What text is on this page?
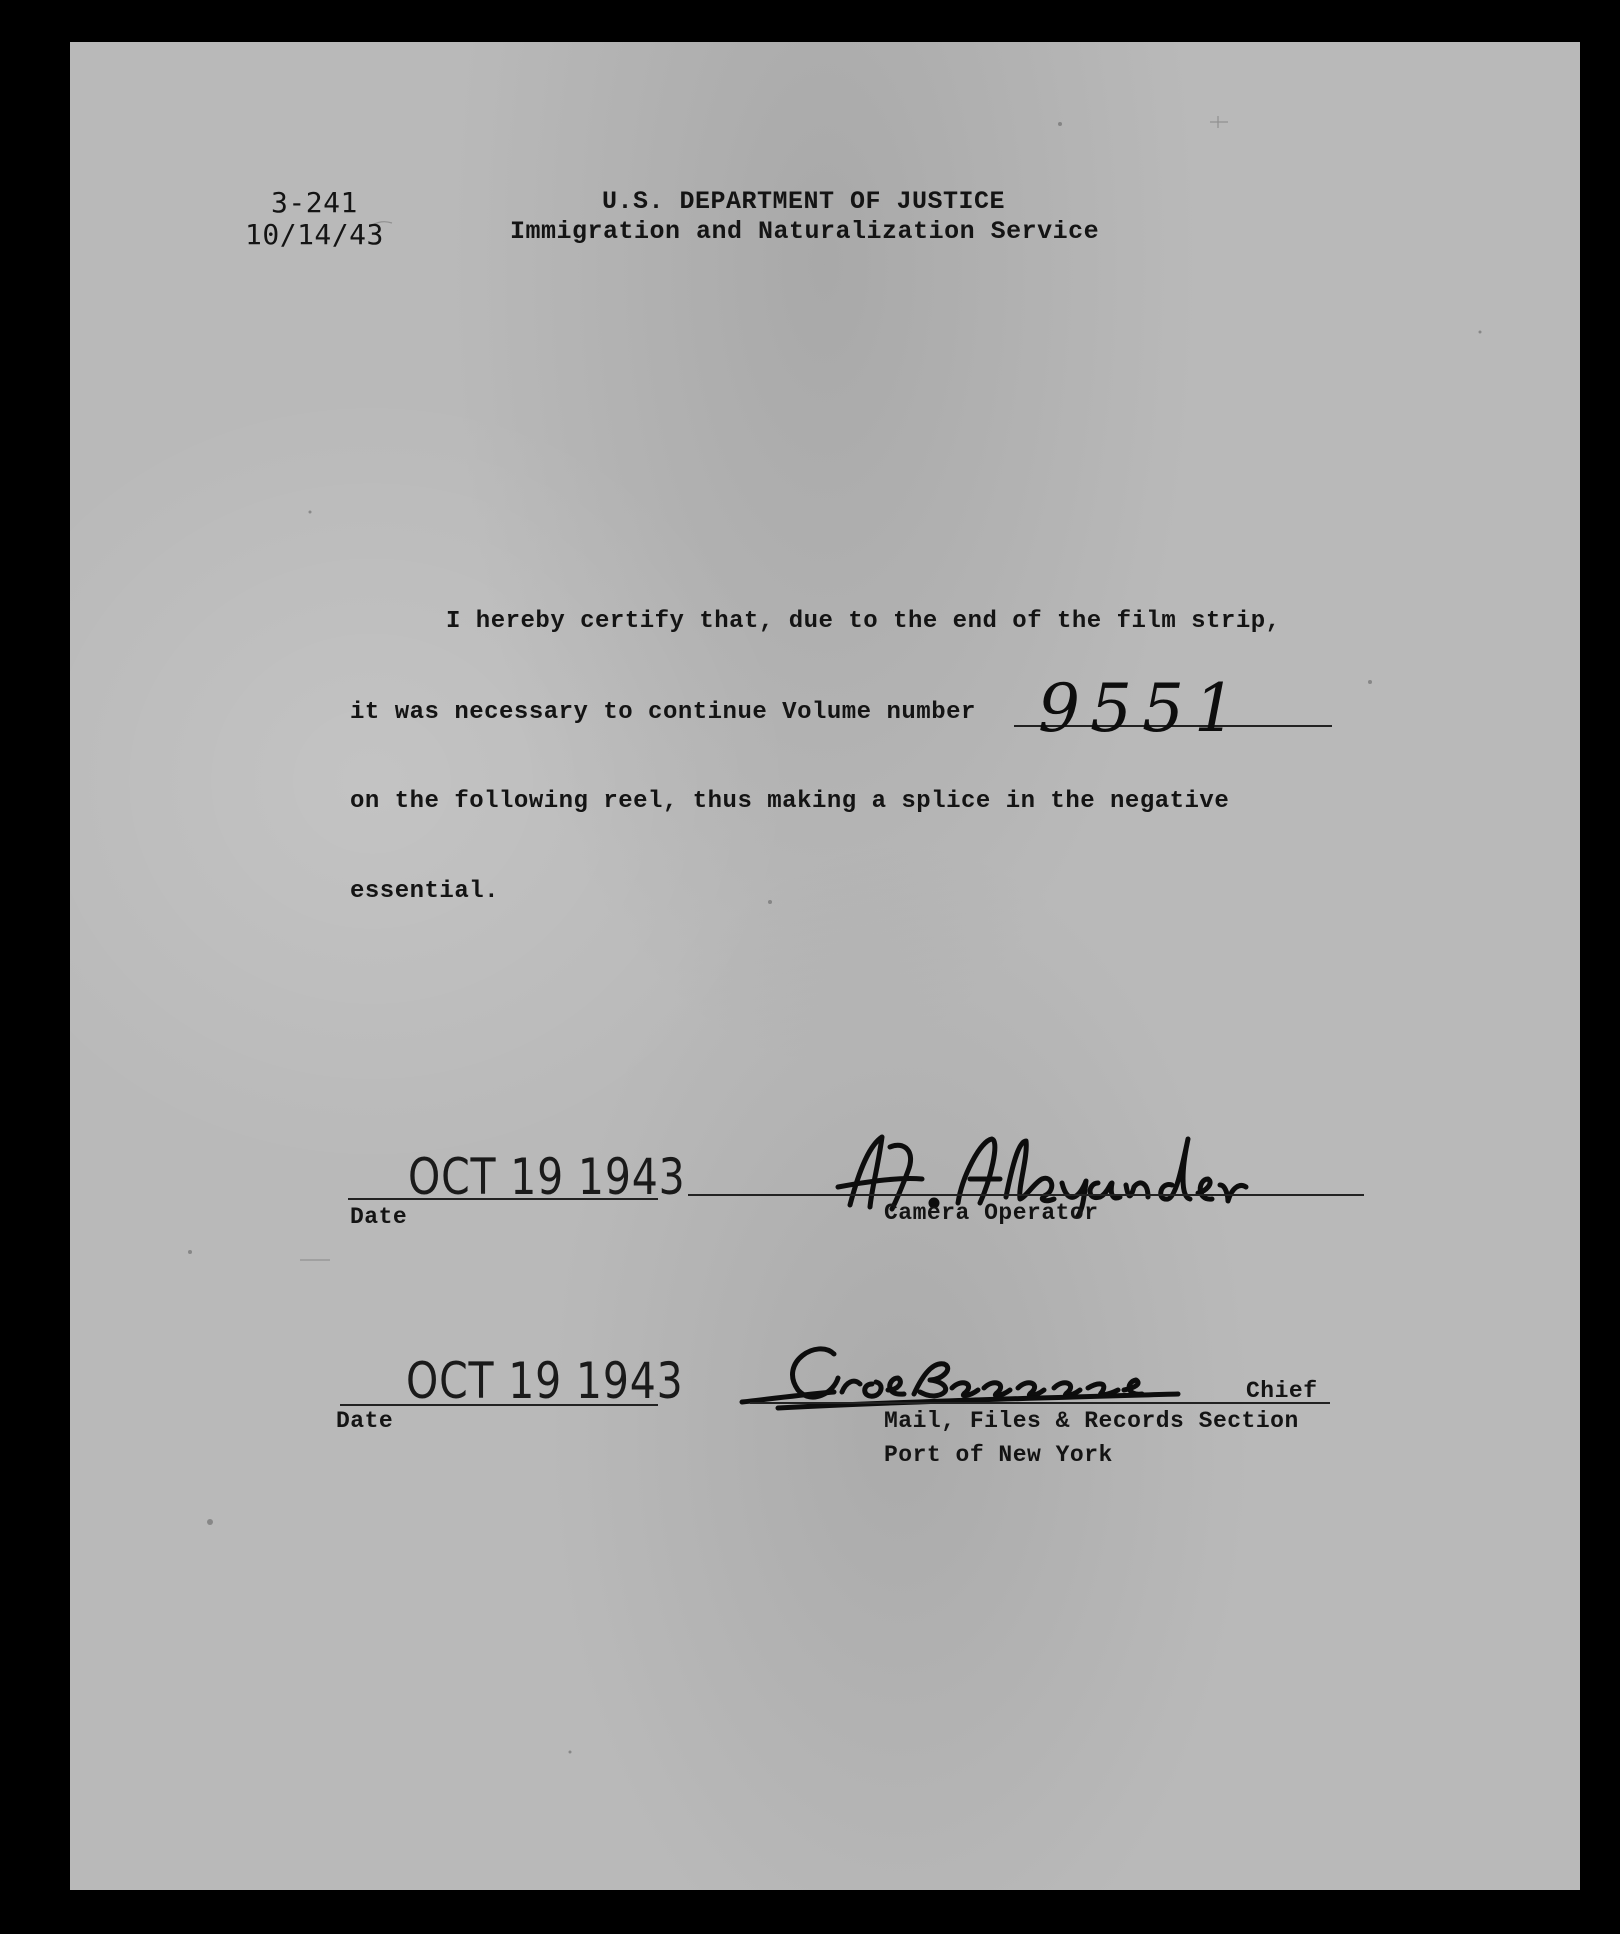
3-241
10/14/43
U.S. DEPARTMENT OF JUSTICE
Immigration and Naturalization Service
I hereby certify that, due to the end of the film strip,
it was necessary to continue Volume number 9551
on the following reel, thus making a splice in the negative
essential.
OCT 19 1943
Date	Camera Operator
OCT 19 1943
Date
Chief
Mail, Files & Records Section
Port of New York
